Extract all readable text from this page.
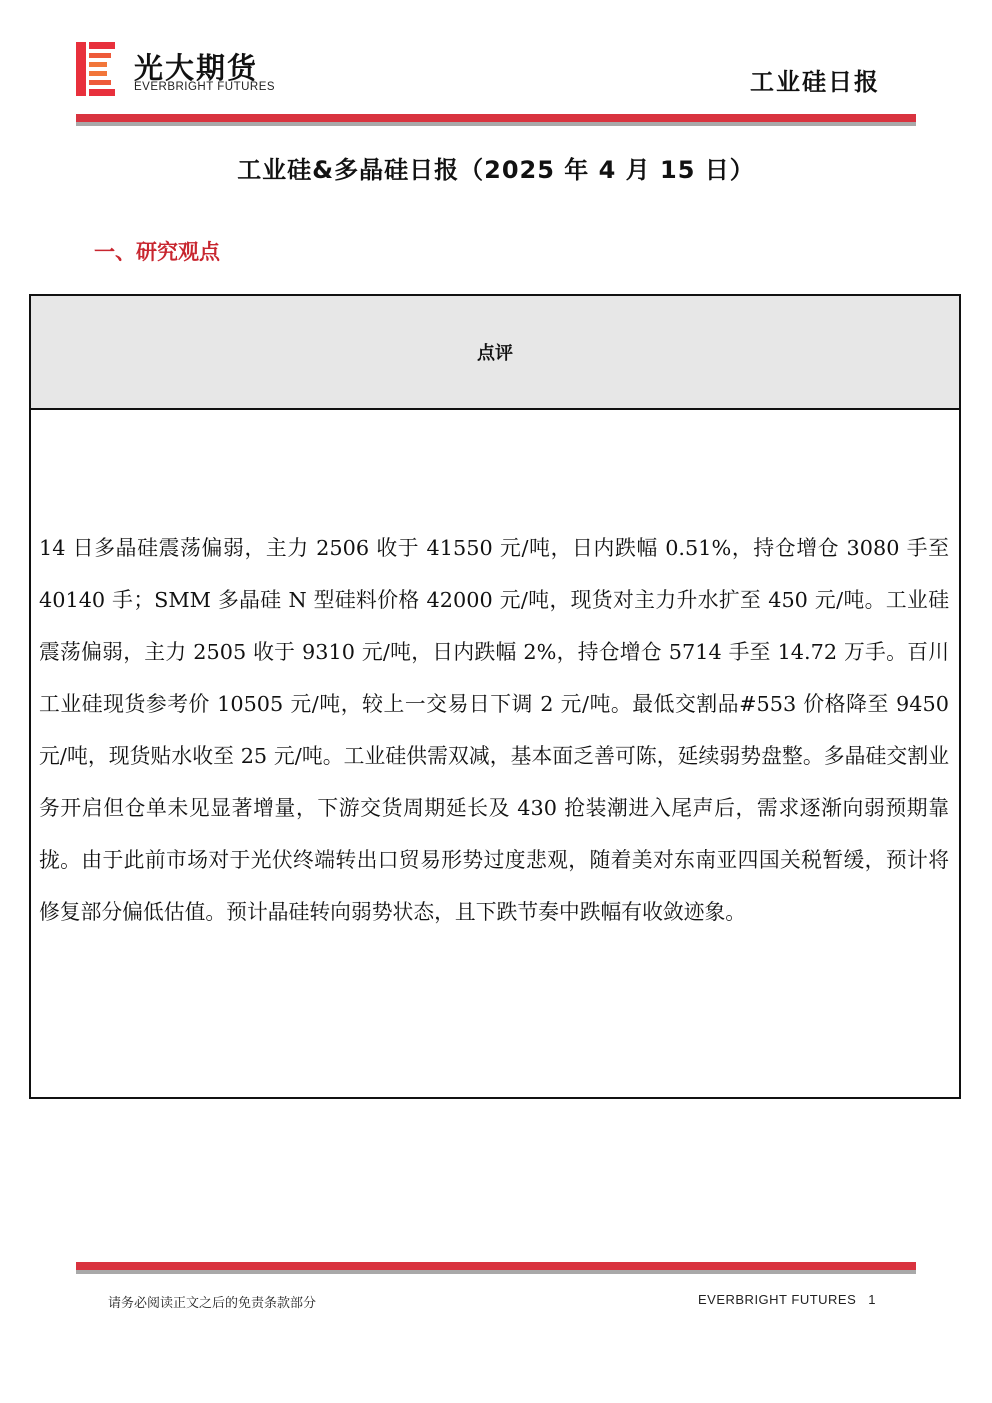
光大期货
EVERBRIGHT FUTURES	工业硅日报
工业硅&多晶硅日报（2025 年 4 月 15 日）
一、研究观点
点评
14 日多晶硅震荡偏弱，主力 2506 收于 41550 元/吨，日内跌幅 0.51%，持仓增仓 3080 手至 40140 手；SMM 多晶硅 N 型硅料价格 42000 元/吨，现货对主力升水扩至 450 元/吨。工业硅震荡偏弱，主力 2505 收于 9310 元/吨，日内跌幅 2%，持仓增仓 5714 手至 14.72 万手。百川工业硅现货参考价 10505 元/吨，较上一交易日下调 2 元/吨。最低交割品#553 价格降至 9450 元/吨，现货贴水收至 25 元/吨。工业硅供需双减，基本面乏善可陈，延续弱势盘整。多晶硅交割业务开启但仓单未见显著增量，下游交货周期延长及 430 抢装潮进入尾声后，需求逐渐向弱预期靠拢。由于此前市场对于光伏终端转出口贸易形势过度悲观，随着美对东南亚四国关税暂缓，预计将修复部分偏低估值。预计晶硅转向弱势状态，且下跌节奏中跌幅有收敛迹象。
请务必阅读正文之后的免责条款部分	EVERBRIGHT FUTURES 1
